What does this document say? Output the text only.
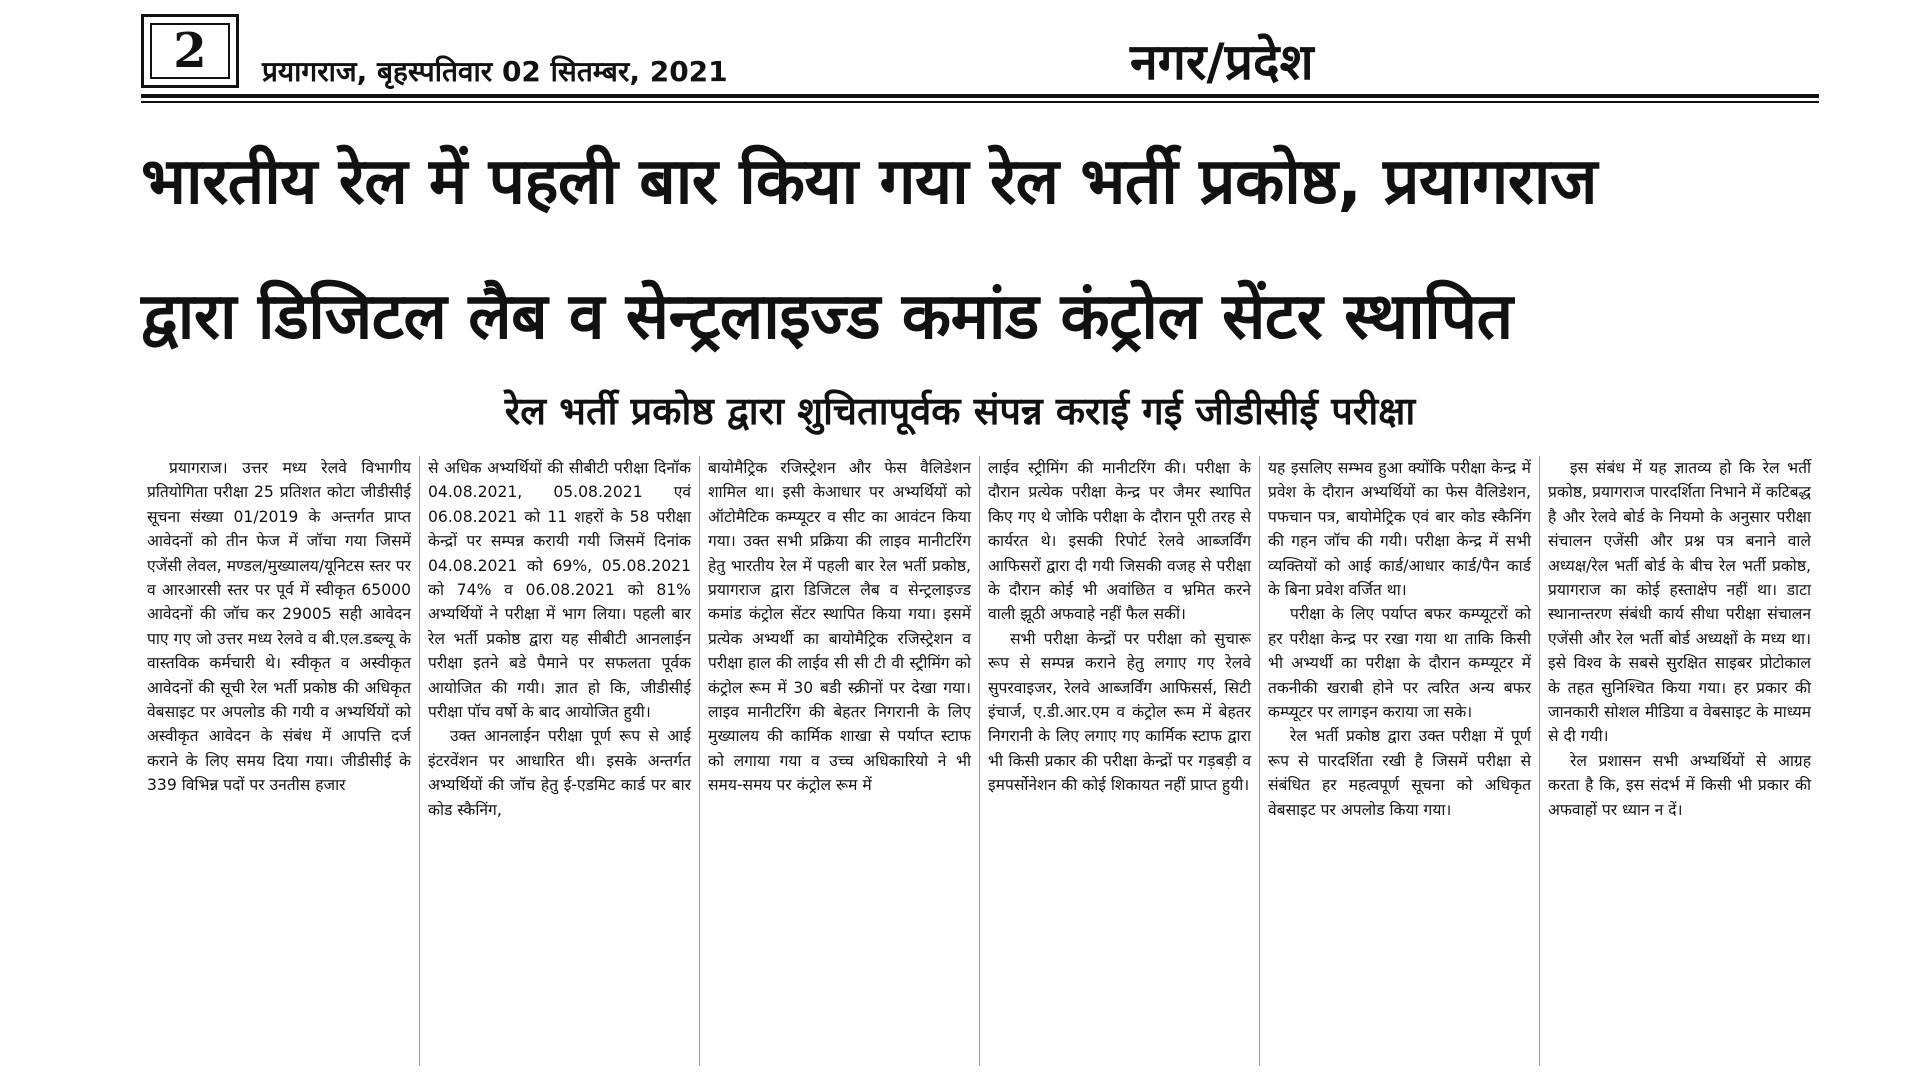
2	प्रयागराज, बृहस्पतिवार 02 सितम्बर, 2021	नगर/प्रदेश
भारतीय रेल में पहली बार किया गया रेल भर्ती प्रकोष्ठ, प्रयागराज
द्वारा डिजिटल लैब व सेन्ट्रलाइज्ड कमांड कंट्रोल सेंटर स्थापित
रेल भर्ती प्रकोष्ठ द्वारा शुचितापूर्वक संपन्न कराई गई जीडीसीई परीक्षा

प्रयागराज। उत्तर मध्य रेलवे विभागीय प्रतियोगिता परीक्षा 25 प्रतिशत कोटा जीडीसीई सूचना संख्या 01/2019 के अन्तर्गत प्राप्त आवेदनों को तीन फेज में जॉचा गया जिसमें एजेंसी लेवल, मण्डल/मुख्यालय/यूनिटस स्तर पर व आरआरसी स्तर पर पूर्व में स्वीकृत 65000 आवेदनों की जॉच कर 29005 सही आवेदन पाए गए जो उत्तर मध्य रेलवे व बी.एल.डब्ल्यू के वास्तविक कर्मचारी थे। स्वीकृत व अस्वीकृत आवेदनों की सूची रेल भर्ती प्रकोष्ठ की अधिकृत वेबसाइट पर अपलोड की गयी व अभ्यर्थियों को अस्वीकृत आवेदन के संबंध में आपत्ति दर्ज कराने के लिए समय दिया गया। जीडीसीई के 339 विभिन्न पदों पर उनतीस हजार

से अधिक अभ्यर्थियों की सीबीटी परीक्षा दिनॉक 04.08.2021, 05.08.2021 एवं 06.08.2021 को 11 शहरों के 58 परीक्षा केन्द्रों पर सम्पन्न करायी गयी जिसमें दिनांक 04.08.2021 को 69%, 05.08.2021 को 74% व 06.08.2021 को 81% अभ्यर्थियों ने परीक्षा में भाग लिया। पहली बार रेल भर्ती प्रकोष्ठ द्वारा यह सीबीटी आनलाईन परीक्षा इतने बडे पैमाने पर सफलता पूर्वक आयोजित की गयी। ज्ञात हो कि, जीडीसीई परीक्षा पॉच वर्षो के बाद आयोजित हुयी।

उक्त आनलाईन परीक्षा पूर्ण रूप से आई इंटरवेंशन पर आधारित थी। इसके अन्तर्गत अभ्यर्थियों की जॉच हेतु ई-एडमिट कार्ड पर बार कोड स्कैनिंग,

बायोमैट्रिक रजिस्ट्रेशन और फेस वैलिडेशन शामिल था। इसी केआधार पर अभ्यर्थियों को ऑटोमैटिक कम्प्यूटर व सीट का आवंटन किया गया। उक्त सभी प्रक्रिया की लाइव मानीटरिंग हेतु भारतीय रेल में पहली बार रेल भर्ती प्रकोष्ठ, प्रयागराज द्वारा डिजिटल लैब व सेन्ट्रलाइज्ड कमांड कंट्रोल सेंटर स्थापित किया गया। इसमें प्रत्येक अभ्यर्थी का बायोमैट्रिक रजिस्ट्रेशन व परीक्षा हाल की लाईव सी सी टी वी स्ट्रीमिंग को कंट्रोल रूम में 30 बडी स्क्रीनों पर देखा गया। लाइव मानीटरिंग की बेहतर निगरानी के लिए मुख्यालय की कार्मिक शाखा से पर्याप्त स्टाफ को लगाया गया व उच्च अधिकारियो ने भी समय-समय पर कंट्रोल रूम में

लाईव स्ट्रीमिंग की मानीटरिंग की। परीक्षा के दौरान प्रत्येक परीक्षा केन्द्र पर जैमर स्थापित किए गए थे जोकि परीक्षा के दौरान पूरी तरह से कार्यरत थे। इसकी रिपोर्ट रेलवे आब्जर्विंग आफिसरों द्वारा दी गयी जिसकी वजह से परीक्षा के दौरान कोई भी अवांछित व भ्रमित करने वाली झूठी अफवाहे नहीं फैल सकीं।

सभी परीक्षा केन्द्रों पर परीक्षा को सुचारू रूप से सम्पन्न कराने हेतु लगाए गए रेलवे सुपरवाइजर, रेलवे आब्जर्विंग आफिसर्स, सिटी इंचार्ज, ए.डी.आर.एम व कंट्रोल रूम में बेहतर निगरानी के लिए लगाए गए कार्मिक स्टाफ द्वारा भी किसी प्रकार की परीक्षा केन्द्रों पर गड़बड़ी व इमपर्सोनेशन की कोई शिकायत नहीं प्राप्त हुयी।

यह इसलिए सम्भव हुआ क्योंकि परीक्षा केन्द्र में प्रवेश के दौरान अभ्यर्थियों का फेस वैलिडेशन, पफचान पत्र, बायोमेट्रिक एवं बार कोड स्कैनिंग की गहन जॉच की गयी। परीक्षा केन्द्र में सभी व्यक्तियों को आई कार्ड/आधार कार्ड/पैन कार्ड के बिना प्रवेश वर्जित था।

परीक्षा के लिए पर्याप्त बफर कम्प्यूटरों को हर परीक्षा केन्द्र पर रखा गया था ताकि किसी भी अभ्यर्थी का परीक्षा के दौरान कम्प्यूटर में तकनीकी खराबी होने पर त्वरित अन्य बफर कम्प्यूटर पर लागइन कराया जा सके।

रेल भर्ती प्रकोष्ठ द्वारा उक्त परीक्षा में पूर्ण रूप से पारदर्शिता रखी है जिसमें परीक्षा से संबंधित हर महत्वपूर्ण सूचना को अधिकृत वेबसाइट पर अपलोड किया गया।

इस संबंध में यह ज्ञातव्य हो कि रेल भर्ती प्रकोष्ठ, प्रयागराज पारदर्शिता निभाने में कटिबद्ध है और रेलवे बोर्ड के नियमो के अनुसार परीक्षा संचालन एजेंसी और प्रश्न पत्र बनाने वाले अध्यक्ष/रेल भर्ती बोर्ड के बीच रेल भर्ती प्रकोष्ठ, प्रयागराज का कोई हस्ताक्षेप नहीं था। डाटा स्थानान्तरण संबंधी कार्य सीधा परीक्षा संचालन एजेंसी और रेल भर्ती बोर्ड अध्यक्षों के मध्य था। इसे विश्व के सबसे सुरक्षित साइबर प्रोटोकाल के तहत सुनिश्चित किया गया। हर प्रकार की जानकारी सोशल मीडिया व वेबसाइट के माध्यम से दी गयी।

रेल प्रशासन सभी अभ्यर्थियों से आग्रह करता है कि, इस संदर्भ में किसी भी प्रकार की अफवाहों पर ध्यान न दें।
